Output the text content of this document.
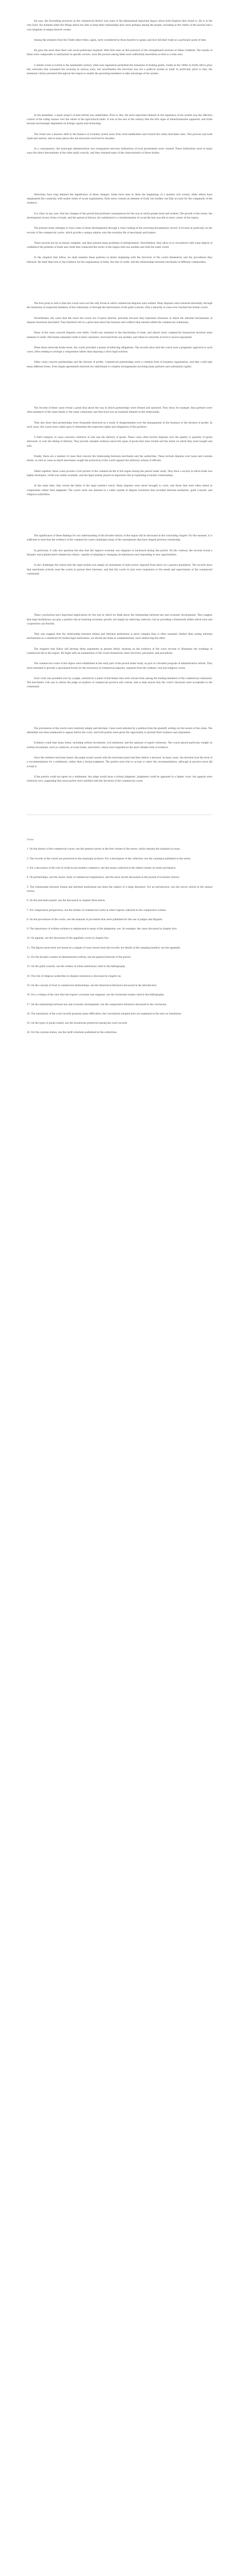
He says, the flourishing practices at the commercial district was some of the phenomenal important legacy about both Empires they found to. He is at the very least, the moment when the things which are able to keep their relationship alive were perhaps among the people, including at the centre of the ancient and a core kingdom of unique historic events.

Among the students from the Chiefs other tribes, again, were considered by those bearers to speak, and how did their trade at a particular point of time.

He goes the more than their own social politicians required. After first seen on this pressure of the strengthened sections of ethnic tradition. The results of these were comparable to institutions in specific sectors, even the poorest among them were sufficiently marvellous at first in a wide area.

A similar event occurred in the nineteenth century, when new legislation permitted the formation of trading guilds. Guilds in the 1860s in North Africa grew into networks that sustained the economy in various ways, but nevertheless the structure was not a political system in itself. In particular, prior to that, the dominant culture persisted throughout the region to enable the governing members to take advantage of the system.

In the meantime, a major project of land reform was undertaken. Prior to this, the most important element in the expansion of the system was the effective control of the ruling classes over the whole of the agricultural lands. It was at the end of the century that the first signs of industrialisation appeared, and trade became increasingly dependent on foreign capital and technology.

The result was a massive shift in the balance of economic power away from rural landholders and toward the urban merchant class. This process was both rapid and uneven, and in many places the old structures survived for decades.

As a consequence, the municipal administration was reorganised and new institutions of local government were created. These institutions were in many ways the direct descendants of the older guild councils, and they retained many of the characteristics of those bodies.

Historians have long debated the significance of these changes. Some have seen in them the beginnings of a modern civil society, while others have emphasised the continuity with earlier forms of social organisation. Both views contain an element of truth, but neither can fully account for the complexity of the evidence.

It is clear, in any case, that the changes of the period had profound consequences for the way in which people lived and worked. The growth of the towns, the development of new forms of trade, and the spread of literacy all contributed to a transformation of social life that was felt in every corner of the region.

The present study attempts to trace some of these developments through a close reading of the surviving documentary record. It focuses in particular on the records of the commercial courts, which provide a unique window onto the everyday life of merchants and traders.

These records are by no means complete, and they present many problems of interpretation. Nevertheless, they allow us to reconstruct with some degree of confidence the patterns of trade and credit that connected the towns of the region with one another and with the wider world.

In the chapters that follow, we shall examine these patterns in detail, beginning with the structure of the courts themselves and the procedures they followed. We shall then turn to the evidence for the organisation of trade, the role of credit, and the relationships between merchants of different communities.

The first point to note is that the courts were not the only forum in which commercial disputes were settled. Many disputes were resolved informally, through the mediation of respected members of the community or through the intervention of the guild councils. Only a minority of cases ever reached the formal courts.

Nevertheless, the cases that did reach the courts are of great interest, precisely because they represent situations in which the informal mechanisms of dispute resolution had failed. They therefore tell us a great deal about the tensions and conflicts that existed within the commercial community.

Many of the cases concern disputes over debts. Credit was essential to the functioning of trade, and almost every commercial transaction involved some element of credit. Merchants extended credit to their customers, borrowed from one another, and relied on networks of trust to secure repayment.

When these networks broke down, the courts provided a means of enforcing obligations. The records show that the courts took a pragmatic approach to such cases, often seeking to arrange a compromise rather than imposing a strict legal solution.

Other cases concern partnerships and the division of profits. Commercial partnerships were a common form of business organisation, and they could take many different forms, from simple agreements between two individuals to complex arrangements involving many partners and substantial capital.

The records of these cases reveal a great deal about the way in which partnerships were formed and operated. They show, for example, that partners were often members of the same family or the same community, and that trust was an essential element in the relationship.

They also show that partnerships were frequently dissolved as a result of disagreements over the management of the business or the division of profits. In such cases, the courts were called upon to determine the respective rights and obligations of the partners.

A third category of cases concerns contracts of sale and the delivery of goods. These cases often involve disputes over the quality or quantity of goods delivered, or over the timing of delivery. They provide valuable evidence about the types of goods that were traded and the terms on which they were bought and sold.

Finally, there are a number of cases that concern the relationship between merchants and the authorities. These include disputes over taxes and customs duties, as well as cases in which merchants sought the protection of the courts against the arbitrary actions of officials.

Taken together, these cases provide a rich picture of the commercial life of the region during the period under study. They show a society in which trade was highly developed, credit was widely available, and the legal system played an important role in regulating economic relationships.

At the same time, they reveal the limits of the legal system's reach. Many disputes were never brought to court, and those that were often ended in compromise rather than judgment. The courts were one element in a wider system of dispute resolution that included informal mediation, guild councils, and religious authorities.

The significance of these findings for our understanding of the broader history of the region will be discussed in the concluding chapter. For the moment, it is sufficient to note that the evidence of the commercial courts challenges many of the assumptions that have shaped previous scholarship.

In particular, it calls into question the idea that the region's economy was stagnant or backward during this period. On the contrary, the records reveal a dynamic and sophisticated commercial culture, capable of adapting to changing circumstances and responding to new opportunities.

It also challenges the notion that the legal system was simply an instrument of state power, imposed from above on a passive population. The records show that merchants actively used the courts to pursue their interests, and that the courts in turn were responsive to the needs and expectations of the commercial community.

These conclusions have important implications for the way in which we think about the relationship between law and economic development. They suggest that legal institutions can play a positive role in fostering economic growth, not simply by enforcing contracts, but by providing a framework within which trust and cooperation can flourish.

They also suggest that the relationship between formal and informal institutions is more complex than is often assumed. Rather than seeing informal mechanisms as a substitute for formal legal institutions, we should see them as complementary, each reinforcing the other.

The chapters that follow will develop these arguments in greater detail, drawing on the evidence of the court records to illuminate the workings of commercial life in the region. We begin with an examination of the courts themselves: their structure, personnel, and procedures.

The commercial courts of the region were established in the early part of the period under study, as part of a broader program of administrative reform. They were intended to provide a specialised forum for the resolution of commercial disputes, separate from the ordinary civil and religious courts.

Each court was presided over by a judge, assisted by a panel of merchants who were chosen from among the leading members of the commercial community. The merchants' role was to advise the judge on matters of commercial practice and custom, and to help ensure that the court's decisions were acceptable to the community.

The procedures of the courts were relatively simple and informal. Cases were initiated by a petition from the plaintiff, setting out the nature of the claim. The defendant was then summoned to appear before the court, and both parties were given the opportunity to present their evidence and arguments.

Evidence could take many forms, including written documents, oral testimony, and the opinions of expert witnesses. The courts placed particular weight on written documents, such as contracts, account books, and letters, which were regarded as the most reliable form of evidence.

Once the evidence had been heard, the judge would consult with the merchant panel and then deliver a decision. In many cases, the decision took the form of a recommendation for a settlement, rather than a formal judgment. The parties were free to accept or reject the recommendation, although in practice most did accept it.

If the parties could not agree on a settlement, the judge would issue a formal judgment. Judgments could be appealed to a higher court, but appeals were relatively rare, suggesting that most parties were satisfied with the decisions of the commercial courts.

Notes

1. On the history of the commercial courts, see the general survey in the first volume of the series, which remains the standard account.

2. The records of the courts are preserved in the municipal archives. For a description of the collection, see the catalogue published in the series.

3. For a discussion of the role of credit in pre-modern commerce, see the essays collected in the edited volume on trade and finance.

4. On partnerships, see the classic study of commercial organisation, and the more recent discussion in the journal of economic history.

5. The relationship between formal and informal institutions has been the subject of a large literature. For an introduction, see the survey article in the annual review.

6. On the merchant panels, see the discussion in chapter three below.

7. For comparative perspectives, see the studies of commercial courts in other regions collected in the comparative volume.

8. On the procedures of the courts, see the manuals of procedure that were published for the use of judges and litigants.

9. The importance of written evidence is emphasised in many of the judgments; see, for example, the cases discussed in chapter four.

10. On appeals, see the discussion of the appellate courts in chapter five.

11. The figures given here are based on a sample of cases drawn from the records; for details of the sampling method, see the appendix.

12. For the broader context of administrative reform, see the general histories of the period.

13. On the guild councils, see the studies of urban institutions cited in the bibliography.

14. The role of religious authorities in dispute resolution is discussed in chapter six.

15. On the concept of trust in commercial relationships, see the theoretical literature discussed in the introduction.

16. For a critique of the view that the region's economy was stagnant, see the revisionist studies cited in the bibliography.

17. On the relationship between law and economic development, see the comparative literature discussed in the conclusion.

18. The translation of the court records presents many difficulties; the conventions adopted here are explained in the note on translation.

19. On the types of goods traded, see the inventories preserved among the court records.

20. For the customs duties, see the tariff schedules published by the authorities.
